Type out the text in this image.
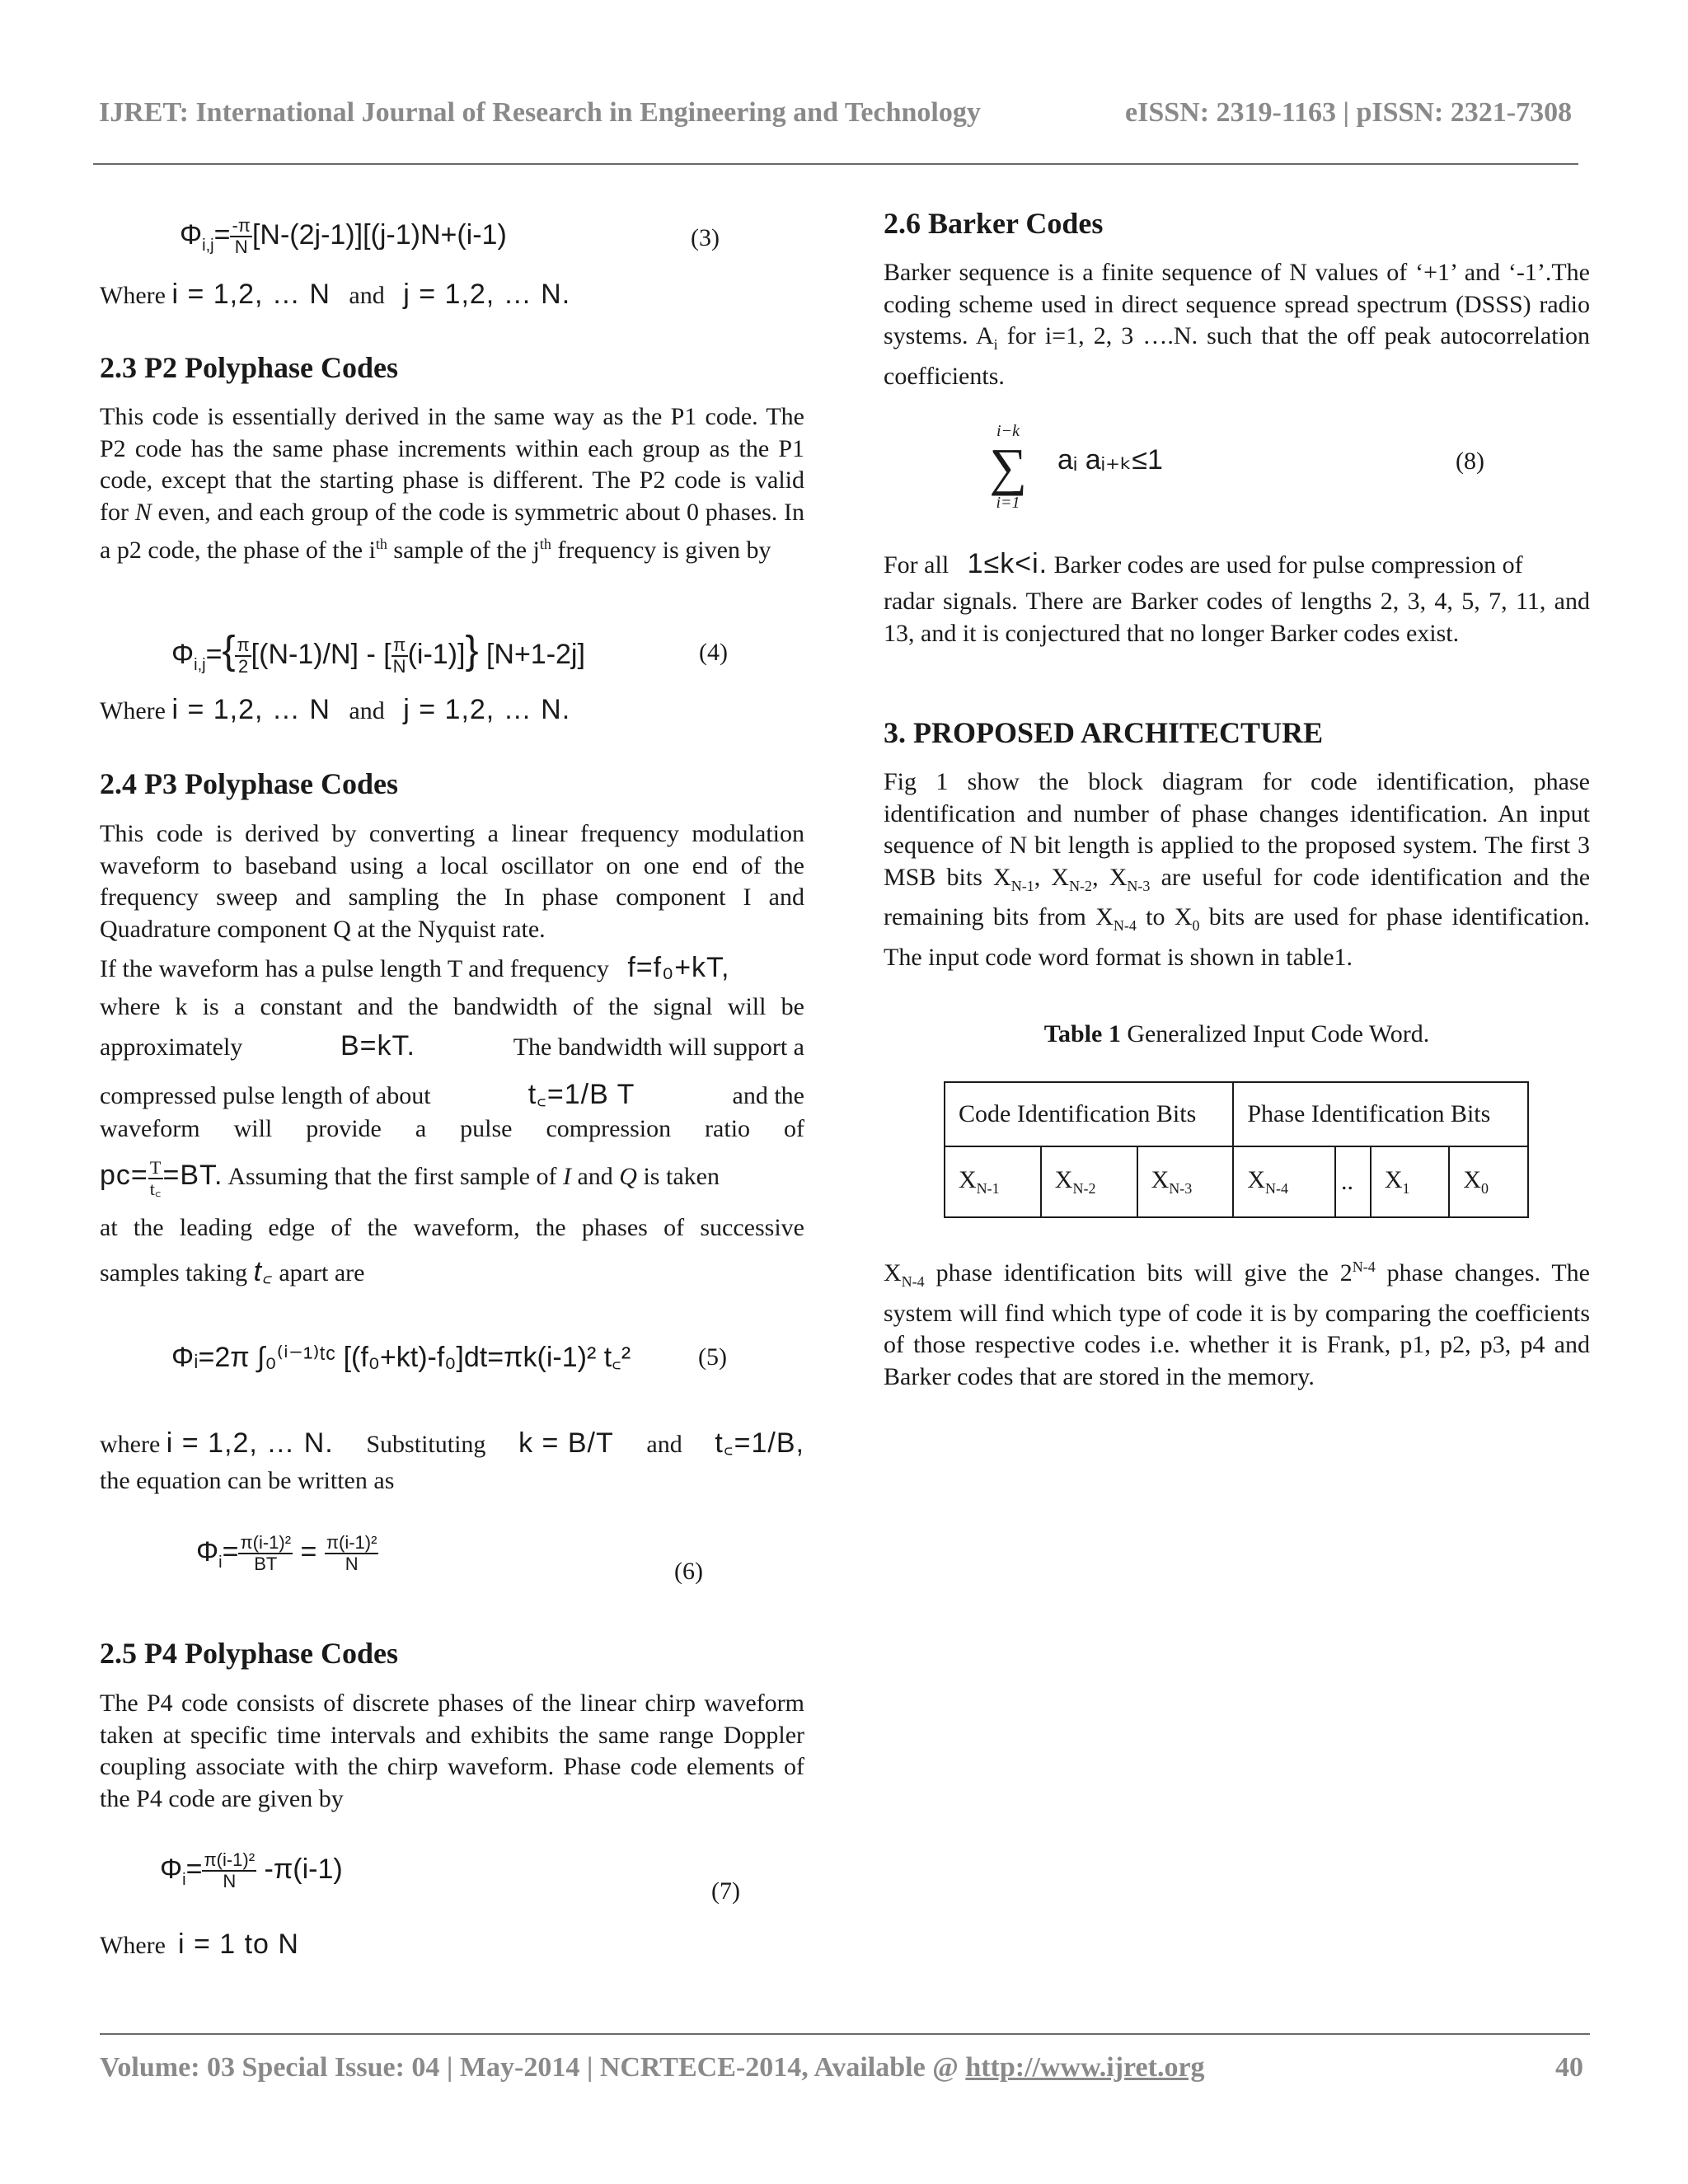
IJRET: International Journal of Research in Engineering and Technology	eISSN: 2319-1163 | pISSN: 2321-7308
$\Phi_{i,j}= \frac{-\pi}{N} [N-(2j-1)][(j-1)N+(i-1)$	(3)
Where i = 1,2, … N and j = 1,2, … N.
2.3 P2 Polyphase Codes
This code is essentially derived in the same way as the P1 code. The P2 code has the same phase increments within each group as the P1 code, except that the starting phase is different. The P2 code is valid for N even, and each group of the code is symmetric about 0 phases. In a p2 code, the phase of the $i^{th}$ sample of the $j^{th}$ frequency is given by
$\Phi_{i,j}=\{ \frac{\pi}{2} [(N-1)/N]$ - [ $\frac{\pi}{N} (i-1)$]} [N+1-2j]	(4)
Where i = 1,2, … N and j = 1,2, … N.
2.4 P3 Polyphase Codes
This code is derived by converting a linear frequency modulation waveform to baseband using a local oscillator on one end of the frequency sweep and sampling the In phase component I and Quadrature component Q at the Nyquist rate.
If the waveform has a pulse length T and frequency f=f₀+kT,
where k is a constant and the bandwidth of the signal will be
approximately	B=kT.	The bandwidth will support a
compressed pulse length of about	t꜀=1/B T	and the
waveform will provide a pulse compression ratio of
$pc= \frac{T}{t꜀} =BT$. Assuming that the first sample of I and Q is taken
at the leading edge of the waveform, the phases of successive
samples taking t꜀ apart are
Φᵢ=2π ∫₀⁽ⁱ⁻¹⁾ᵗᶜ [(f₀+kt)-f₀]dt=πk(i-1)² t꜀²	(5)
where i = 1,2, … N. Substituting k = B/T and t꜀=1/B,
the equation can be written as
$\Phi_i= \frac{\text{π(i-1)²}}{BT} = \frac{\text{π(i-1)²}}{N}$	(6)
2.5 P4 Polyphase Codes
The P4 code consists of discrete phases of the linear chirp waveform taken at specific time intervals and exhibits the same range Doppler coupling associate with the chirp waveform. Phase code elements of the P4 code are given by
$\Phi_i= \frac{\text{π(i-1)²}}{N} -\pi(i-1)$
(7)
Where i = 1 to N
2.6 Barker Codes
Barker sequence is a finite sequence of N values of ‘+1’ and ‘-1’.The coding scheme used in direct sequence spread spectrum (DSSS) radio systems. $A_i$ for i=1, 2, 3 ….N. such that the off peak autocorrelation coefficients.
i−k
∑
i=1
aᵢ aᵢ₊ₖ≤1	(8)
For all
1≤k<i.
Barker codes are used for pulse compression of
radar signals. There are Barker codes of lengths 2, 3, 4, 5, 7, 11, and 13, and it is conjectured that no longer Barker codes exist.
3. PROPOSED ARCHITECTURE
Fig 1 show the block diagram for code identification, phase identification and number of phase changes identification. An input sequence of N bit length is applied to the proposed system. The first 3 MSB bits $X_{N-1}$, $X_{N-2}$, $X_{N-3}$ are useful for code identification and the remaining bits from $X_{N-4}$ to $X_0$ bits are used for phase identification. The input code word format is shown in table1.
Table 1 Generalized Input Code Word.
Code Identification Bits			Phase Identification Bits			
$X_{N-1}$	$X_{N-2}$	$X_{N-3}$	$X_{N-4}$	..	$X_1$	$X_0$
$X_{N-4}$ phase identification bits will give the $2^{N-4}$ phase changes. The system will find which type of code it is by comparing the coefficients of those respective codes i.e. whether it is Frank, p1, p2, p3, p4 and Barker codes that are stored in the memory.
Volume: 03 Special Issue: 04 | May-2014 | NCRTECE-2014, Available @ http://www.ijret.org	40
